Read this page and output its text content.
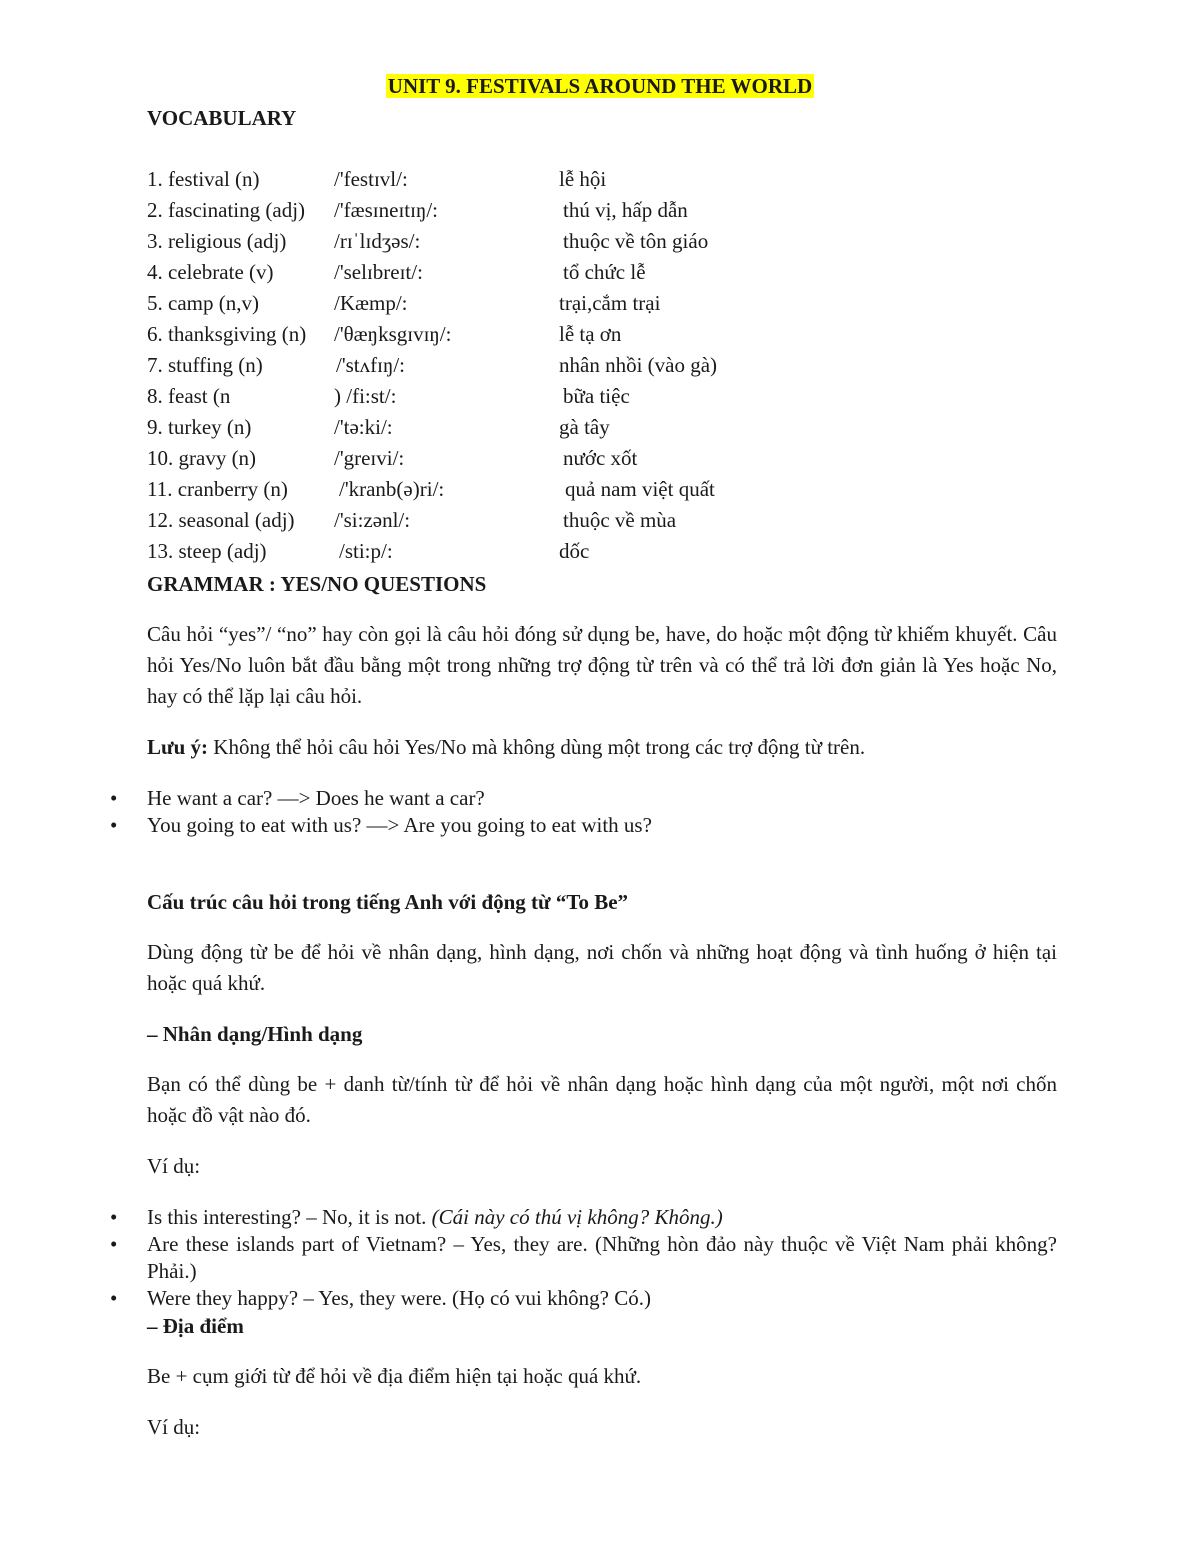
UNIT 9. FESTIVALS AROUND THE WORLD
VOCABULARY
1. festival (n)	/'festɪvl/:	lễ hội
2. fascinating (adj) /'fæsɪneɪtɪŋ/:	thú vị, hấp dẫn
3. religious (adj) /rɪˈlɪdʒəs/:	thuộc về tôn giáo
4. celebrate (v)	/'selɪbreɪt/:	tổ chức lễ
5. camp (n,v)	/Kæmp/:	trại,cắm trại
6. thanksgiving (n) /'θæŋksgɪvɪŋ/:	lễ tạ ơn
7. stuffing (n)	/'stʌfɪŋ/:	nhân nhồi (vào gà)
8. feast (n	) /fi:st/:	bữa tiệc
9. turkey (n)	/'tə:ki/:	gà tây
10. gravy (n)	/'greɪvi/:	nước xốt
11. cranberry (n) /'kranb(ə)ri/:	quả nam việt quất
12. seasonal (adj) /'si:zənl/:	thuộc về mùa
13. steep (adj)	/sti:p/:	dốc
GRAMMAR : YES/NO QUESTIONS
Câu hỏi “yes”/ “no” hay còn gọi là câu hỏi đóng sử dụng be, have, do hoặc một động từ khiếm khuyết. Câu hỏi Yes/No luôn bắt đầu bằng một trong những trợ động từ trên và có thể trả lời đơn giản là Yes hoặc No, hay có thể lặp lại câu hỏi.
Lưu ý: Không thể hỏi câu hỏi Yes/No mà không dùng một trong các trợ động từ trên.
• He want a car? —> Does he want a car?
• You going to eat with us? —> Are you going to eat with us?
Cấu trúc câu hỏi trong tiếng Anh với động từ “To Be”
Dùng động từ be để hỏi về nhân dạng, hình dạng, nơi chốn và những hoạt động và tình huống ở hiện tại hoặc quá khứ.
– Nhân dạng/Hình dạng
Bạn có thể dùng be + danh từ/tính từ để hỏi về nhân dạng hoặc hình dạng của một người, một nơi chốn hoặc đồ vật nào đó.
Ví dụ:
• Is this interesting? – No, it is not. (Cái này có thú vị không? Không.)
• Are these islands part of Vietnam? – Yes, they are. (Những hòn đảo này thuộc về Việt Nam phải không? Phải.)
• Were they happy? – Yes, they were. (Họ có vui không? Có.)
– Địa điểm
Be + cụm giới từ để hỏi về địa điểm hiện tại hoặc quá khứ.
Ví dụ:
